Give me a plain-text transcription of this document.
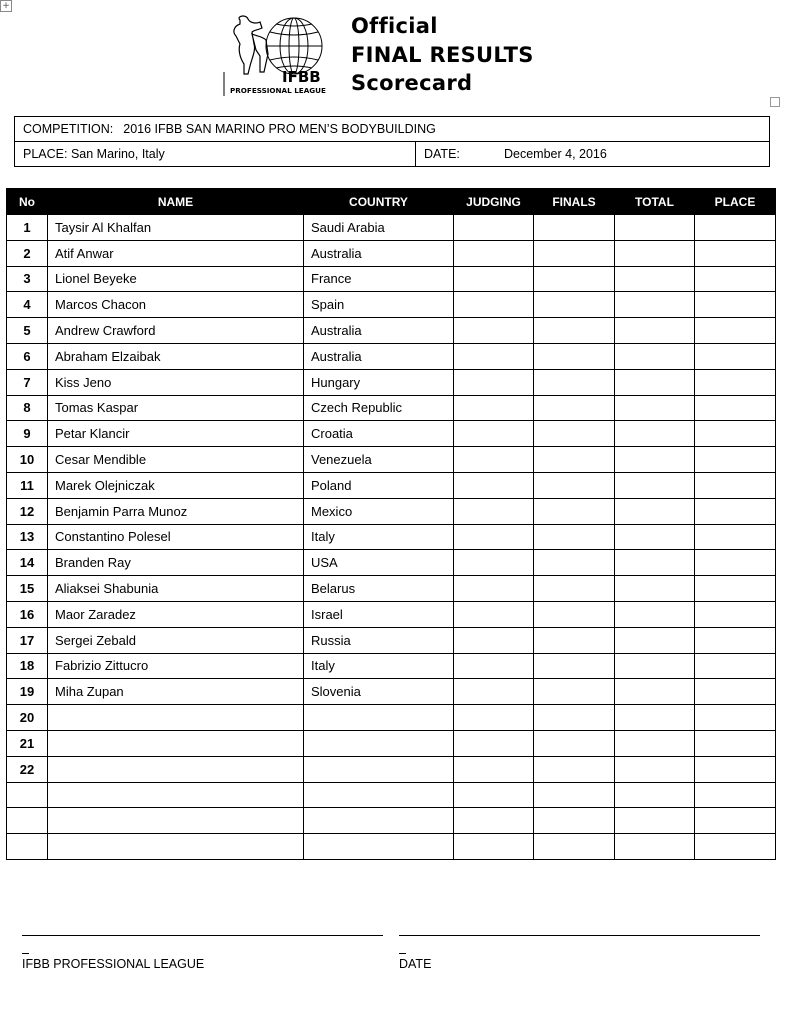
+
IFBB
PROFESSIONAL LEAGUE
Official
FINAL RESULTS
Scorecard
COMPETITION: 2016 IFBB SAN MARINO PRO MEN’S BODYBUILDING
PLACE: San Marino, Italy	DATE:	December 4, 2016
No	NAME	COUNTRY	JUDGING	FINALS	TOTAL	PLACE
1	Taysir Al Khalfan	Saudi Arabia				
2	Atif Anwar	Australia				
3	Lionel Beyeke	France				
4	Marcos Chacon	Spain				
5	Andrew Crawford	Australia				
6	Abraham Elzaibak	Australia				
7	Kiss Jeno	Hungary				
8	Tomas Kaspar	Czech Republic				
9	Petar Klancir	Croatia				
10	Cesar Mendible	Venezuela				
11	Marek Olejniczak	Poland				
12	Benjamin Parra Munoz	Mexico				
13	Constantino Polesel	Italy				
14	Branden Ray	USA				
15	Aliaksei Shabunia	Belarus				
16	Maor Zaradez	Israel				
17	Sergei Zebald	Russia				
18	Fabrizio Zittucro	Italy				
19	Miha Zupan	Slovenia				
20						
21						
22						

IFBB PROFESSIONAL LEAGUE	DATE
